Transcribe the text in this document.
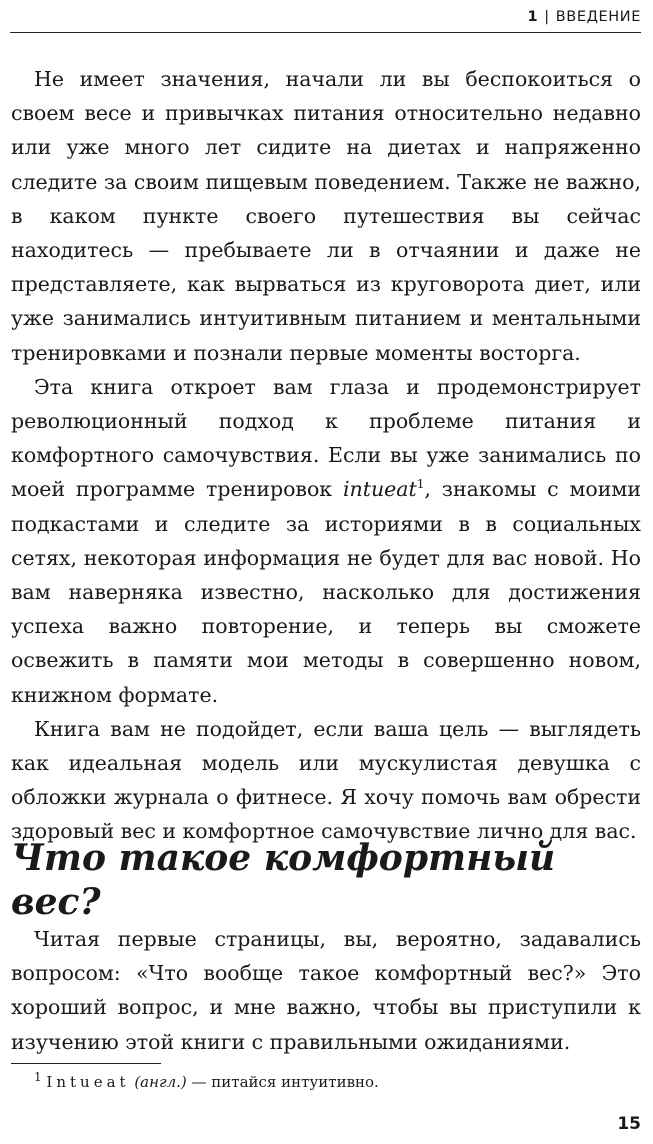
1 | ВВЕДЕНИЕ

Не имеет значения, начали ли вы беспокоиться о своем весе и привычках питания относительно недавно или уже много лет сидите на диетах и напряженно следите за своим пищевым поведением. Также не важно, в каком пункте своего путешествия вы сейчас находитесь — пребываете ли в отчаянии и даже не представляете, как вырваться из круговорота диет, или уже занимались интуитивным питанием и ментальными тренировками и познали первые моменты восторга.

Эта книга откроет вам глаза и продемонстрирует революционный подход к проблеме питания и комфортного самочувствия. Если вы уже занимались по моей программе тренировок intueat$^1$, знакомы с моими подкастами и следите за историями в в социальных сетях, некоторая информация не будет для вас новой. Но вам наверняка известно, насколько для достижения успеха важно повторение, и теперь вы сможете освежить в памяти мои методы в совершенно новом, книжном формате.

Книга вам не подойдет, если ваша цель — выглядеть как идеальная модель или мускулистая девушка с обложки журнала о фитнесе. Я хочу помочь вам обрести здоровый вес и комфортное самочувствие лично для вас.

Что такое комфортный вес?

Читая первые страницы, вы, вероятно, задавались вопросом: «Что вообще такое комфортный вес?» Это хороший вопрос, и мне важно, чтобы вы приступили к изучению этой книги с правильными ожиданиями.

$^1$ Intueat (англ.) — питайся интуитивно.
15
